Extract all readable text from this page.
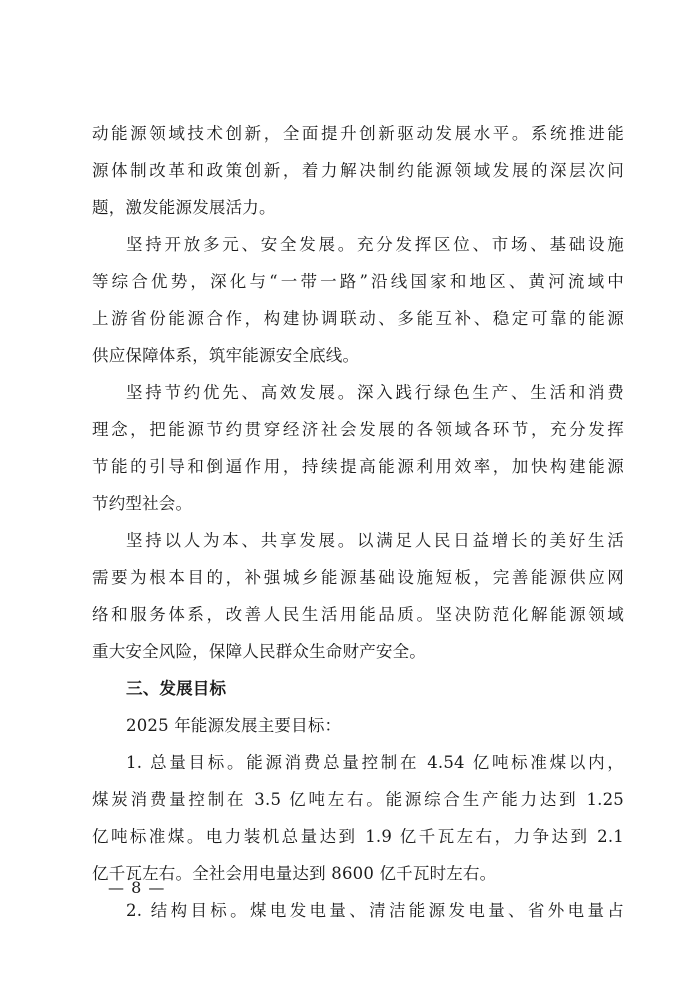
动能源领域技术创新，全面提升创新驱动发展水平。系统推进能
源体制改革和政策创新，着力解决制约能源领域发展的深层次问
题，激发能源发展活力。
坚持开放多元、安全发展。充分发挥区位、市场、基础设施
等综合优势，深化与“一带一路”沿线国家和地区、黄河流域中
上游省份能源合作，构建协调联动、多能互补、稳定可靠的能源
供应保障体系，筑牢能源安全底线。
坚持节约优先、高效发展。深入践行绿色生产、生活和消费
理念，把能源节约贯穿经济社会发展的各领域各环节，充分发挥
节能的引导和倒逼作用，持续提高能源利用效率，加快构建能源
节约型社会。
坚持以人为本、共享发展。以满足人民日益增长的美好生活
需要为根本目的，补强城乡能源基础设施短板，完善能源供应网
络和服务体系，改善人民生活用能品质。坚决防范化解能源领域
重大安全风险，保障人民群众生命财产安全。
三、发展目标
2025 年能源发展主要目标：
1. 总量目标。能源消费总量控制在 4.54 亿吨标准煤以内，
煤炭消费量控制在 3.5 亿吨左右。能源综合生产能力达到 1.25
亿吨标准煤。电力装机总量达到 1.9 亿千瓦左右，力争达到 2.1
亿千瓦左右。全社会用电量达到 8600 亿千瓦时左右。
2. 结构目标。煤电发电量、清洁能源发电量、省外电量占
— 8 —
